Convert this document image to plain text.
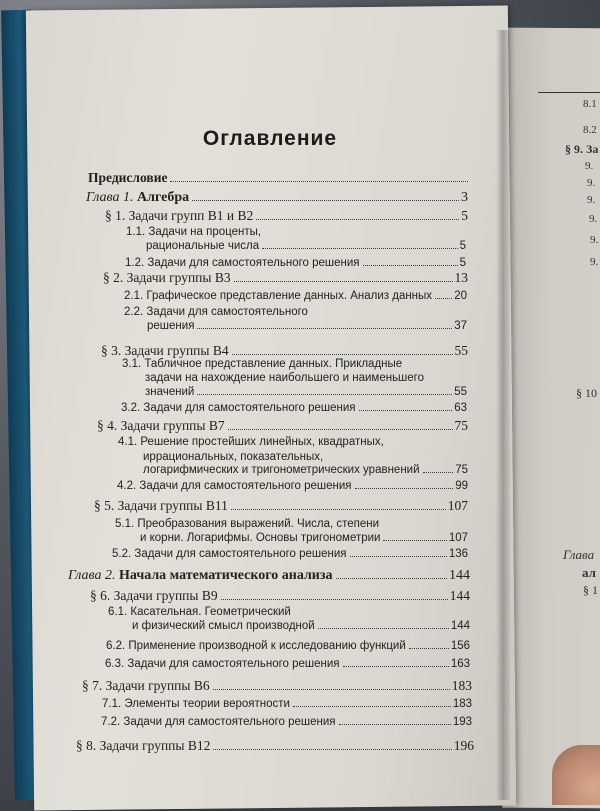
Оглавление
Предисловие
Глава 1. Алгебра	3
§ 1. Задачи групп В1 и В2	5
1.1. Задачи на проценты,
рациональные числа	5
1.2. Задачи для самостоятельного решения	5
§ 2. Задачи группы В3	13
2.1. Графическое представление данных. Анализ данных 20
2.2. Задачи для самостоятельного
решения	37
§ 3. Задачи группы В4	55
3.1. Табличное представление данных. Прикладные
задачи на нахождение наибольшего и наименьшего
значений	55
3.2. Задачи для самостоятельного решения	63
§ 4. Задачи группы В7	75
4.1. Решение простейших линейных, квадратных,
иррациональных, показательных,
логарифмических и тригонометрических уравнений	75
4.2. Задачи для самостоятельного решения	99
§ 5. Задачи группы В11	107
5.1. Преобразования выражений. Числа, степени
и корни. Логарифмы. Основы тригонометрии	107
5.2. Задачи для самостоятельного решения	136
Глава 2. Начала математического анализа	144
§ 6. Задачи группы В9	144
6.1. Касательная. Геометрический
и физический смысл производной	144
6.2. Применение производной к исследованию функций	156
6.3. Задачи для самостоятельного решения	163
§ 7. Задачи группы В6	183
7.1. Элементы теории вероятности	183
7.2. Задачи для самостоятельного решения	193
§ 8. Задачи группы В12	196
8.1
8.2
§ 9. За
9.
9.
9.
9.
9.
9.
§ 10
Глава
ал
§ 1
